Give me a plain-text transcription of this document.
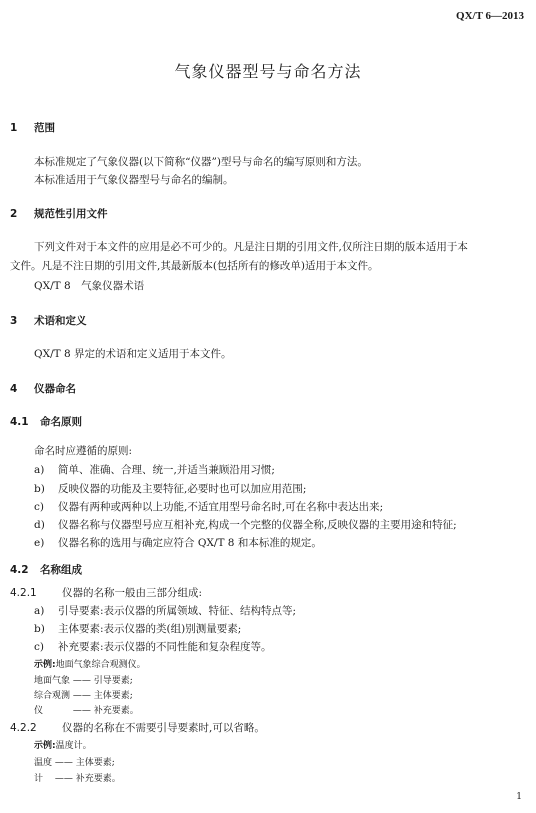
QX/T 6—2013
气象仪器型号与命名方法
1 范围
本标准规定了气象仪器(以下简称“仪器”)型号与命名的编写原则和方法。
本标准适用于气象仪器型号与命名的编制。
2 规范性引用文件
下列文件对于本文件的应用是必不可少的。凡是注日期的引用文件,仅所注日期的版本适用于本
文件。凡是不注日期的引用文件,其最新版本(包括所有的修改单)适用于本文件。
QX/T 8　气象仪器术语
3 术语和定义
QX/T 8 界定的术语和定义适用于本文件。
4 仪器命名
4.1 命名原则
命名时应遵循的原则:
a) 简单、准确、合理、统一,并适当兼顾沿用习惯;
b) 反映仪器的功能及主要特征,必要时也可以加应用范围;
c) 仪器有两种或两种以上功能,不适宜用型号命名时,可在名称中表达出来;
d) 仪器名称与仪器型号应互相补充,构成一个完整的仪器全称,反映仪器的主要用途和特征;
e) 仪器名称的选用与确定应符合 QX/T 8 和本标准的规定。
4.2 名称组成
4.2.1 仪器的名称一般由三部分组成:
a) 引导要素:表示仪器的所属领域、特征、结构特点等;
b) 主体要素:表示仪器的类(组)别测量要素;
c) 补充要素:表示仪器的不同性能和复杂程度等。
示例:地面气象综合观测仪。
地面气象 —— 引导要素;
综合观测 —— 主体要素;
仪　　　 —— 补充要素。
4.2.2 仪器的名称在不需要引导要素时,可以省略。
示例:温度计。
温度 —— 主体要素;
计　 —— 补充要素。
1
